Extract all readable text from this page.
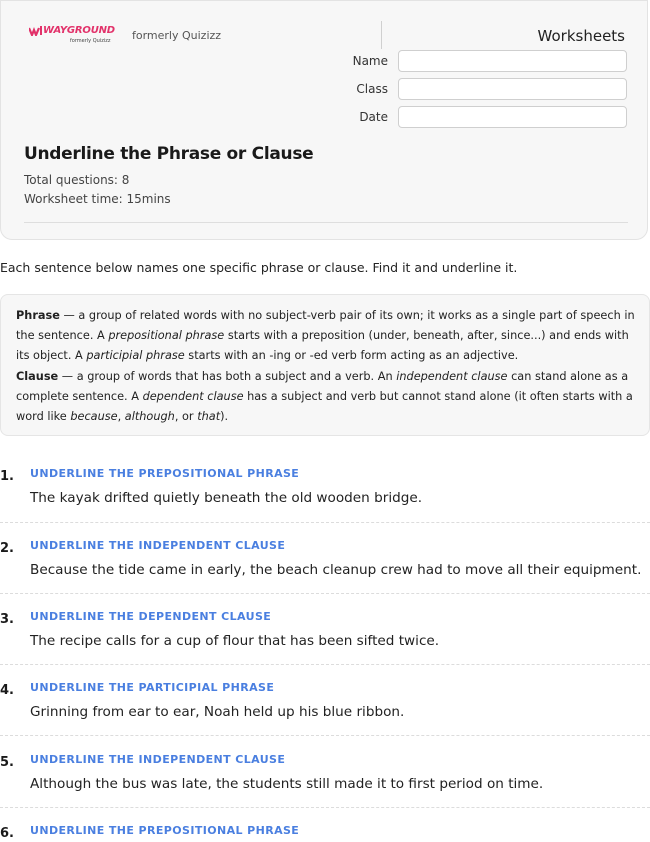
WAYGROUND
formerly Quizizz formerly Quizizz	Worksheets
Name
Class
Date
Underline the Phrase or Clause
Total questions: 8
Worksheet time: 15mins
Each sentence below names one specific phrase or clause. Find it and underline it.
Phrase — a group of related words with no subject-verb pair of its own; it works as a single part of speech in the sentence. A prepositional phrase starts with a preposition (under, beneath, after, since...) and ends with its object. A participial phrase starts with an -ing or -ed verb form acting as an adjective.
Clause — a group of words that has both a subject and a verb. An independent clause can stand alone as a complete sentence. A dependent clause has a subject and verb but cannot stand alone (it often starts with a word like because, although, or that).
1. UNDERLINE THE PREPOSITIONAL PHRASE
The kayak drifted quietly beneath the old wooden bridge.
2. UNDERLINE THE INDEPENDENT CLAUSE
Because the tide came in early, the beach cleanup crew had to move all their equipment.
3. UNDERLINE THE DEPENDENT CLAUSE
The recipe calls for a cup of flour that has been sifted twice.
4. UNDERLINE THE PARTICIPIAL PHRASE
Grinning from ear to ear, Noah held up his blue ribbon.
5. UNDERLINE THE INDEPENDENT CLAUSE
Although the bus was late, the students still made it to first period on time.
6. UNDERLINE THE PREPOSITIONAL PHRASE
